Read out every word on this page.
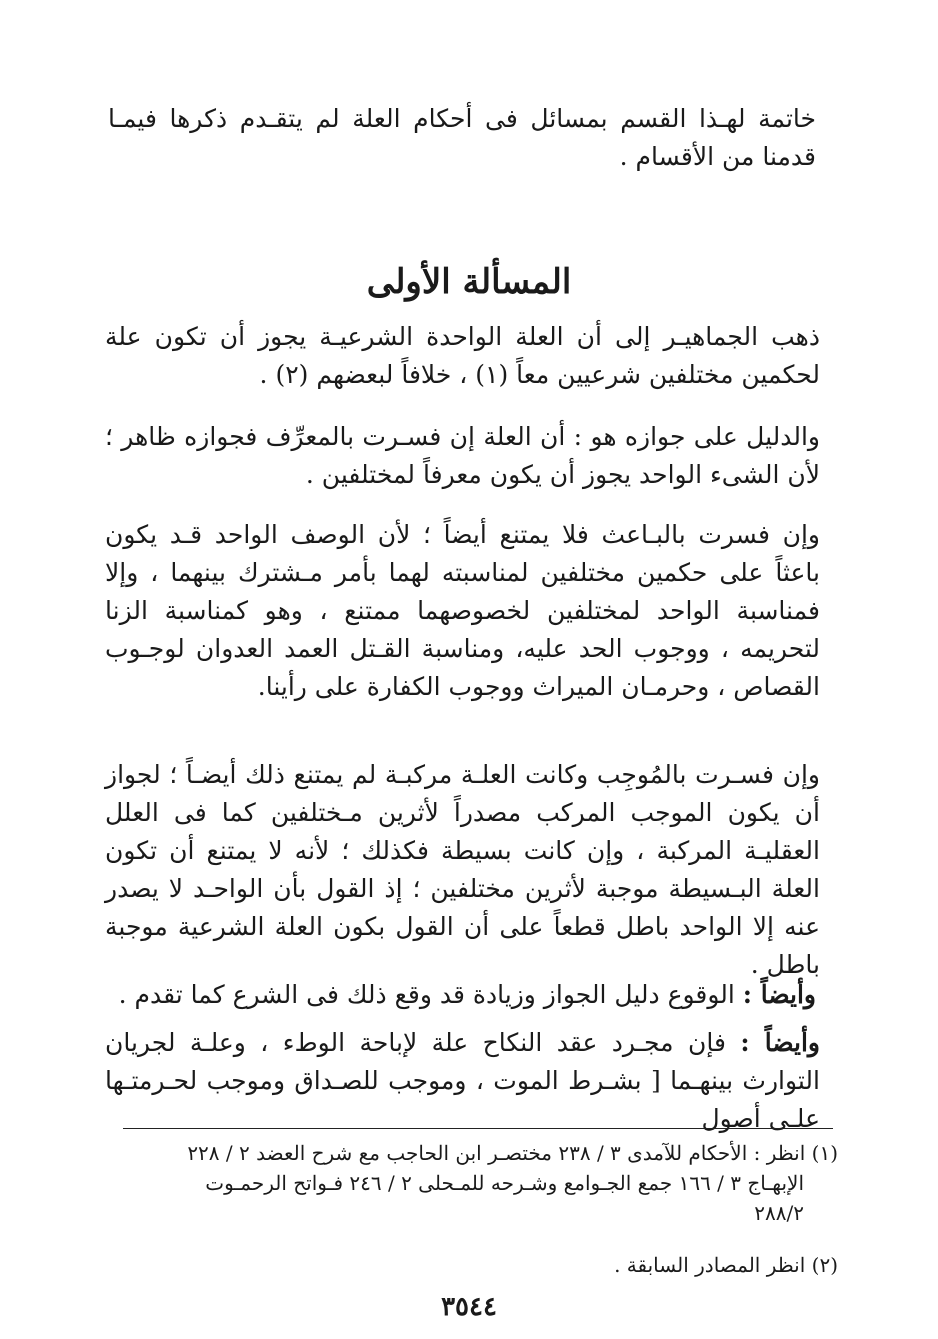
خاتمة لهـذا القسم بمسائل فى أحكام العلة لم يتقـدم ذكرها فيمـا قدمنا من الأقسام .
المسألة الأولى
ذهب الجماهيـر إلى أن العلة الواحدة الشرعيـة يجوز أن تكون علة لحكمين مختلفين شرعيين معاً (١) ، خلافاً لبعضهم (٢) .
والدليل على جوازه هو : أن العلة إن فسـرت بالمعرِّف فجوازه ظاهر ؛ لأن الشىء الواحد يجوز أن يكون معرفاً لمختلفين .
وإن فسرت بالبـاعث فلا يمتنع أيضاً ؛ لأن الوصف الواحد قـد يكون باعثاً على حكمين مختلفين لمناسبته لهما بأمر مـشترك بينهما ، وإلا فمناسبة الواحد لمختلفين لخصوصهما ممتنع ، وهو كمناسبة الزنا لتحريمه ، ووجوب الحد عليه، ومناسبة القـتل العمد العدوان لوجـوب القصاص ، وحرمـان الميراث ووجوب الكفارة على رأينا.
وإن فسـرت بالمُوجِب وكانت العلـة مركبـة لم يمتنع ذلك أيضـاً ؛ لجواز أن يكون الموجب المركب مصدراً لأثرين مـختلفين كما فى العلل العقليـة المركبة ، وإن كانت بسيطة فكذلك ؛ لأنه لا يمتنع أن تكون العلة البـسيطة موجبة لأثرين مختلفين ؛ إذ القول بأن الواحـد لا يصدر عنه إلا الواحد باطل قطعاً على أن القول بكون العلة الشرعية موجبة باطل .
وأيضاً : الوقوع دليل الجواز وزيادة قد وقع ذلك فى الشرع كما تقدم .
وأيضاً : فإن مجـرد عقد النكاح علة لإباحة الوطء ، وعلـة لجريان التوارث بينهـما [ بشـرط الموت ، وموجب للصـداق وموجب لحـرمتـها علـى أصول
(١) انظر : الأحكام للآمدى ٣ / ٢٣٨ مختصـر ابن الحاجب مع شرح العضد ٢ / ٢٢٨
الإبهـاج ٣ / ١٦٦ جمع الجـوامع وشـرحه للمـحلى ٢ / ٢٤٦ فـواتح الرحمـوت
٢٨٨/٢
(٢) انظر المصادر السابقة .
٣٥٤٤
